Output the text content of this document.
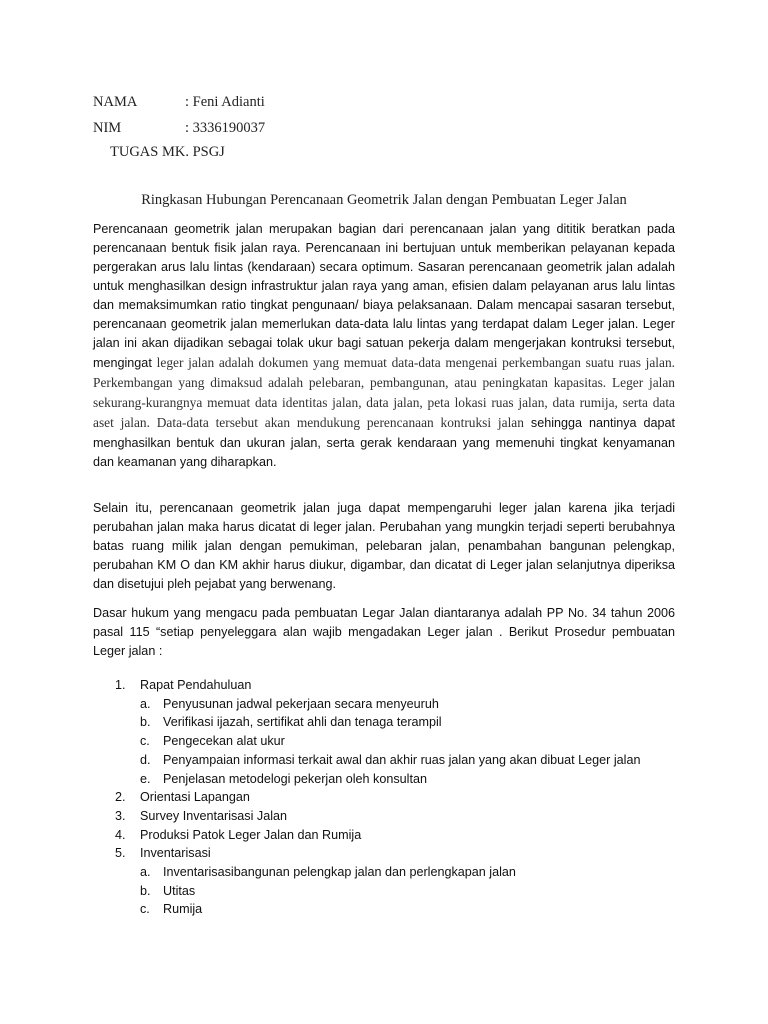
NAMA	: Feni Adianti
NIM	: 3336190037
TUGAS MK. PSGJ
Ringkasan Hubungan Perencanaan Geometrik Jalan dengan Pembuatan Leger Jalan

Perencanaan geometrik jalan merupakan bagian dari perencanaan jalan yang dititik beratkan pada perencanaan bentuk fisik jalan raya. Perencanaan ini bertujuan untuk memberikan pelayanan kepada pergerakan arus lalu lintas (kendaraan) secara optimum. Sasaran perencanaan geometrik jalan adalah untuk menghasilkan design infrastruktur jalan raya yang aman, efisien dalam pelayanan arus lalu lintas dan memaksimumkan ratio tingkat pengunaan/ biaya pelaksanaan. Dalam mencapai sasaran tersebut, perencanaan geometrik jalan memerlukan data-data lalu lintas yang terdapat dalam Leger jalan. Leger jalan ini akan dijadikan sebagai tolak ukur bagi satuan pekerja dalam mengerjakan kontruksi tersebut, mengingat leger jalan adalah dokumen yang memuat data-data mengenai perkembangan suatu ruas jalan. Perkembangan yang dimaksud adalah pelebaran, pembangunan, atau peningkatan kapasitas. Leger jalan sekurang-kurangnya memuat data identitas jalan, data jalan, peta lokasi ruas jalan, data rumija, serta data aset jalan. Data-data tersebut akan mendukung perencanaan kontruksi jalan sehingga nantinya dapat menghasilkan bentuk dan ukuran jalan, serta gerak kendaraan yang memenuhi tingkat kenyamanan dan keamanan yang diharapkan.

Selain itu, perencanaan geometrik jalan juga dapat mempengaruhi leger jalan karena jika terjadi perubahan jalan maka harus dicatat di leger jalan. Perubahan yang mungkin terjadi seperti berubahnya batas ruang milik jalan dengan pemukiman, pelebaran jalan, penambahan bangunan pelengkap, perubahan KM O dan KM akhir harus diukur, digambar, dan dicatat di Leger jalan selanjutnya diperiksa dan disetujui pleh pejabat yang berwenang.

Dasar hukum yang mengacu pada pembuatan Legar Jalan diantaranya adalah PP No. 34 tahun 2006 pasal 115 “setiap penyeleggara alan wajib mengadakan Leger jalan . Berikut Prosedur pembuatan Leger jalan :

1. Rapat Pendahuluan
a. Penyusunan jadwal pekerjaan secara menyeuruh
b. Verifikasi ijazah, sertifikat ahli dan tenaga terampil
c. Pengecekan alat ukur
d. Penyampaian informasi terkait awal dan akhir ruas jalan yang akan dibuat Leger jalan
e. Penjelasan metodelogi pekerjan oleh konsultan
2. Orientasi Lapangan
3. Survey Inventarisasi Jalan
4. Produksi Patok Leger Jalan dan Rumija
5. Inventarisasi
a. Inventarisasibangunan pelengkap jalan dan perlengkapan jalan
b. Utitas
c. Rumija
